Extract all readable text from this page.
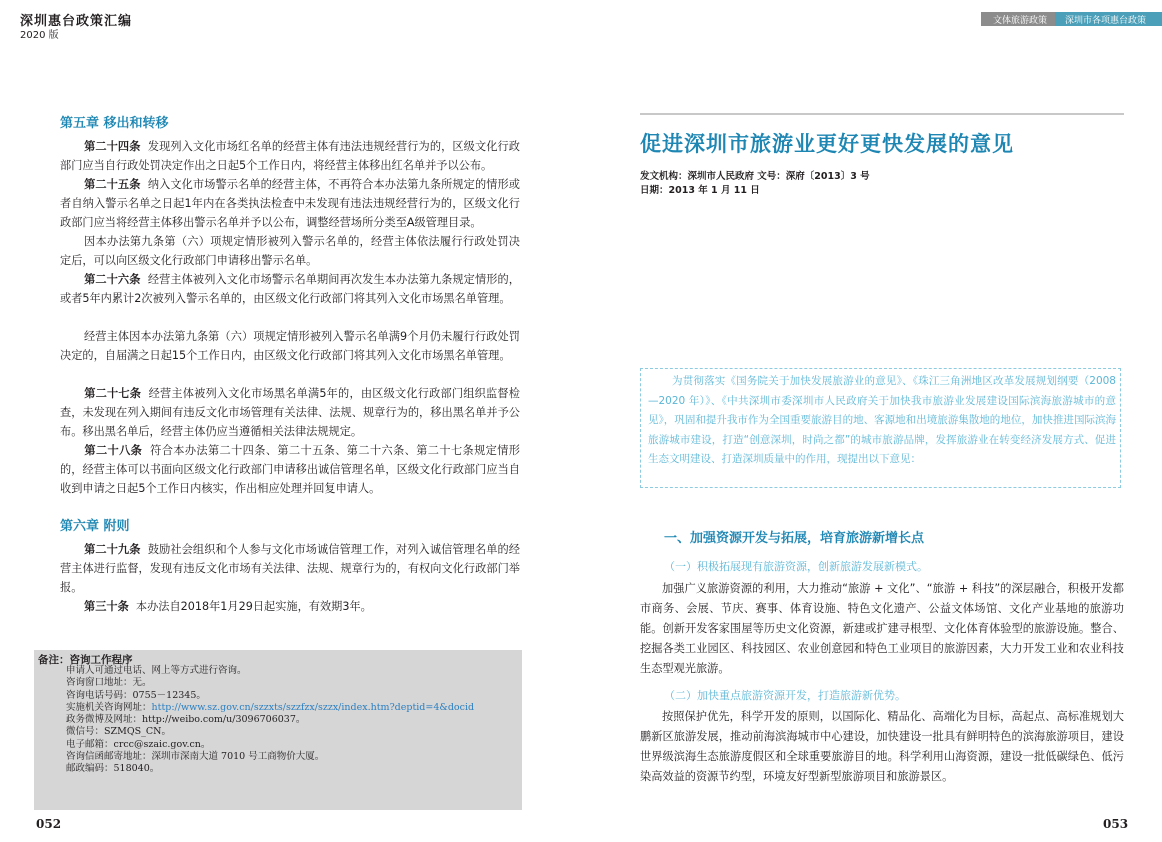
深圳惠台政策汇编
2020 版
文体旅游政策	深圳市各项惠台政策
第五章 移出和转移

第二十四条 发现列入文化市场红名单的经营主体有违法违规经营行为的，区级文化行政部门应当自行政处罚决定作出之日起5个工作日内，将经营主体移出红名单并予以公布。

第二十五条 纳入文化市场警示名单的经营主体，不再符合本办法第九条所规定的情形或者自纳入警示名单之日起1年内在各类执法检查中未发现有违法违规经营行为的，区级文化行政部门应当将经营主体移出警示名单并予以公布，调整经营场所分类至A级管理目录。

因本办法第九条第（六）项规定情形被列入警示名单的，经营主体依法履行行政处罚决定后，可以向区级文化行政部门申请移出警示名单。

第二十六条 经营主体被列入文化市场警示名单期间再次发生本办法第九条规定情形的，或者5年内累计2次被列入警示名单的，由区级文化行政部门将其列入文化市场黑名单管理。

经营主体因本办法第九条第（六）项规定情形被列入警示名单满9个月仍未履行行政处罚决定的，自届满之日起15个工作日内，由区级文化行政部门将其列入文化市场黑名单管理。

第二十七条 经营主体被列入文化市场黑名单满5年的，由区级文化行政部门组织监督检查，未发现在列入期间有违反文化市场管理有关法律、法规、规章行为的，移出黑名单并予公布。移出黑名单后，经营主体仍应当遵循相关法律法规规定。

第二十八条 符合本办法第二十四条、第二十五条、第二十六条、第二十七条规定情形的，经营主体可以书面向区级文化行政部门申请移出诚信管理名单，区级文化行政部门应当自收到申请之日起5个工作日内核实，作出相应处理并回复申请人。

第六章 附则

第二十九条 鼓励社会组织和个人参与文化市场诚信管理工作，对列入诚信管理名单的经营主体进行监督，发现有违反文化市场有关法律、法规、规章行为的，有权向文化行政部门举报。

第三十条 本办法自2018年1月29日起实施，有效期3年。

备注：咨询工作程序
申请人可通过电话、网上等方式进行咨询。
咨询窗口地址：无。
咨询电话号码：0755－12345。
实施机关咨询网址：http://www.sz.gov.cn/szzxts/szzfzx/szzx/index.htm?deptid=4&docid
政务微博及网址：http://weibo.com/u/3096706037。
微信号：SZMQS_CN。
电子邮箱：crcc@szaic.gov.cn。
咨询信函邮寄地址：深圳市深南大道 7010 号工商物价大厦。
邮政编码：518040。
052
促进深圳市旅游业更好更快发展的意见
发文机构：深圳市人民政府 文号：深府〔2013〕3 号
日期：2013 年 1 月 11 日

为贯彻落实《国务院关于加快发展旅游业的意见》、《珠江三角洲地区改革发展规划纲要（2008—2020 年）》、《中共深圳市委深圳市人民政府关于加快我市旅游业发展建设国际滨海旅游城市的意见》，巩固和提升我市作为全国重要旅游目的地、客源地和出境旅游集散地的地位，加快推进国际滨海旅游城市建设，打造“创意深圳，时尚之都”的城市旅游品牌，发挥旅游业在转变经济发展方式、促进生态文明建设、打造深圳质量中的作用，现提出以下意见：

一、加强资源开发与拓展，培育旅游新增长点
（一）积极拓展现有旅游资源，创新旅游发展新模式。

加强广义旅游资源的利用，大力推动“旅游 + 文化”、“旅游 + 科技”的深层融合，积极开发都市商务、会展、节庆、赛事、体育设施、特色文化遗产、公益文体场馆、文化产业基地的旅游功能。创新开发客家围屋等历史文化资源，新建或扩建寻根型、文化体育体验型的旅游设施。整合、挖掘各类工业园区、科技园区、农业创意园和特色工业项目的旅游因素，大力开发工业和农业科技生态型观光旅游。

（二）加快重点旅游资源开发，打造旅游新优势。

按照保护优先，科学开发的原则，以国际化、精品化、高端化为目标，高起点、高标准规划大鹏新区旅游发展，推动前海滨海城市中心建设，加快建设一批具有鲜明特色的滨海旅游项目，建设世界级滨海生态旅游度假区和全球重要旅游目的地。科学利用山海资源，建设一批低碳绿色、低污染高效益的资源节约型，环境友好型新型旅游项目和旅游景区。

053
